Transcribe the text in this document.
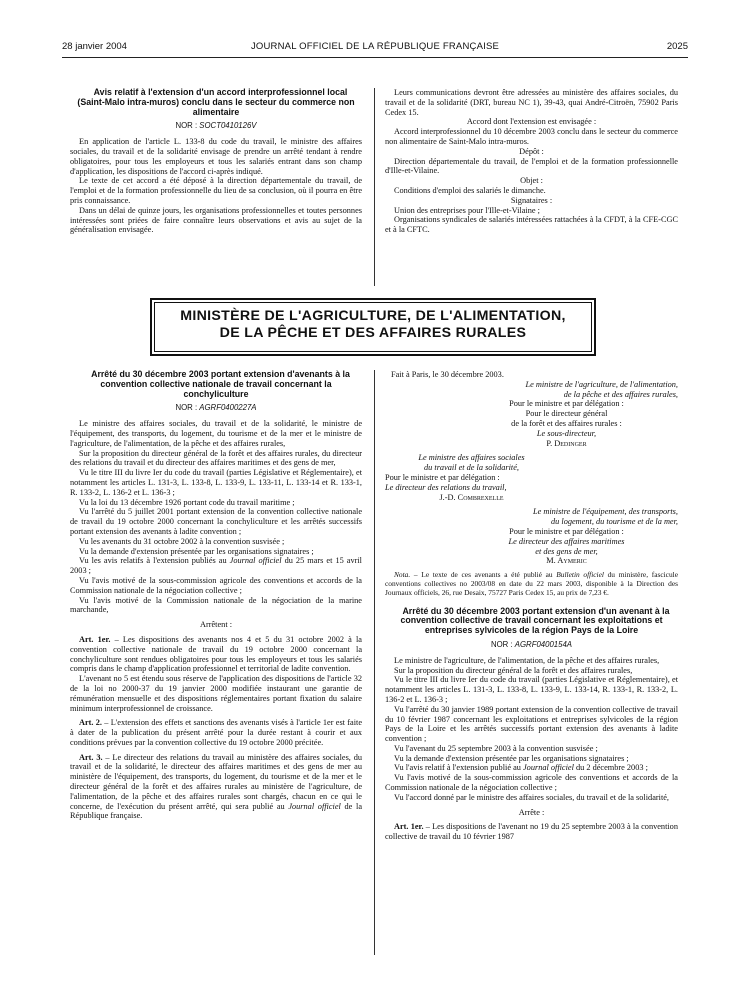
28 janvier 2004	JOURNAL OFFICIEL DE LA RÉPUBLIQUE FRANÇAISE	2025

Avis relatif à l'extension d'un accord interprofessionnel local (Saint-Malo intra-muros) conclu dans le secteur du commerce non alimentaire

NOR : SOCT0410126V

En application de l'article L. 133-8 du code du travail, le ministre des affaires sociales, du travail et de la solidarité envisage de prendre un arrêté tendant à rendre obligatoires, pour tous les employeurs et tous les salariés entrant dans son champ d'application, les dispositions de l'accord ci-après indiqué.

Le texte de cet accord a été déposé à la direction départementale du travail, de l'emploi et de la formation professionnelle du lieu de sa conclusion, où il pourra en être pris connaissance.

Dans un délai de quinze jours, les organisations professionnelles et toutes personnes intéressées sont priées de faire connaître leurs observations et avis au sujet de la généralisation envisagée.

Leurs communications devront être adressées au ministère des affaires sociales, du travail et de la solidarité (DRT, bureau NC 1), 39-43, quai André-Citroën, 75902 Paris Cedex 15.

Accord dont l'extension est envisagée :

Accord interprofessionnel du 10 décembre 2003 conclu dans le secteur du commerce non alimentaire de Saint-Malo intra-muros.

Dépôt :

Direction départementale du travail, de l'emploi et de la formation professionnelle d'Ille-et-Vilaine.

Objet :

Conditions d'emploi des salariés le dimanche.

Signataires :

Union des entreprises pour l'Ille-et-Vilaine ;

Organisations syndicales de salariés intéressées rattachées à la CFDT, à la CFE-CGC et à la CFTC.

MINISTÈRE DE L'AGRICULTURE, DE L'ALIMENTATION,
DE LA PÊCHE ET DES AFFAIRES RURALES

Arrêté du 30 décembre 2003 portant extension d'avenants à la convention collective nationale de travail concernant la conchyliculture

NOR : AGRF0400227A

Le ministre des affaires sociales, du travail et de la solidarité, le ministre de l'équipement, des transports, du logement, du tourisme et de la mer et le ministre de l'agriculture, de l'alimentation, de la pêche et des affaires rurales,

Sur la proposition du directeur général de la forêt et des affaires rurales, du directeur des relations du travail et du directeur des affaires maritimes et des gens de mer,

Vu le titre III du livre Ier du code du travail (parties Législative et Réglementaire), et notamment les articles L. 131-3, L. 133-8, L. 133-9, L. 133-11, L. 133-14 et R. 133-1, R. 133-2, L. 136-2 et L. 136-3 ;

Vu la loi du 13 décembre 1926 portant code du travail maritime ;

Vu l'arrêté du 5 juillet 2001 portant extension de la convention collective nationale de travail du 19 octobre 2000 concernant la conchyliculture et les arrêtés successifs portant extension des avenants à ladite convention ;

Vu les avenants du 31 octobre 2002 à la convention susvisée ;

Vu la demande d'extension présentée par les organisations signataires ;

Vu les avis relatifs à l'extension publiés au Journal officiel du 25 mars et 15 avril 2003 ;

Vu l'avis motivé de la sous-commission agricole des conventions et accords de la Commission nationale de la négociation collective ;

Vu l'avis motivé de la Commission nationale de la négociation de la marine marchande,

Arrêtent :

Art. 1er. – Les dispositions des avenants nos 4 et 5 du 31 octobre 2002 à la convention collective nationale de travail du 19 octobre 2000 concernant la conchyliculture sont rendues obligatoires pour tous les employeurs et tous les salariés compris dans le champ d'application professionnel et territorial de ladite convention.

L'avenant no 5 est étendu sous réserve de l'application des dispositions de l'article 32 de la loi no 2000-37 du 19 janvier 2000 modifiée instaurant une garantie de rémunération mensuelle et des dispositions réglementaires portant fixation du salaire minimum interprofessionnel de croissance.

Art. 2. – L'extension des effets et sanctions des avenants visés à l'article 1er est faite à dater de la publication du présent arrêté pour la durée restant à courir et aux conditions prévues par la convention collective du 19 octobre 2000 précitée.

Art. 3. – Le directeur des relations du travail au ministère des affaires sociales, du travail et de la solidarité, le directeur des affaires maritimes et des gens de mer au ministère de l'équipement, des transports, du logement, du tourisme et de la mer et le directeur général de la forêt et des affaires rurales au ministère de l'agriculture, de l'alimentation, de la pêche et des affaires rurales sont chargés, chacun en ce qui le concerne, de l'exécution du présent arrêté, qui sera publié au Journal officiel de la République française.

Fait à Paris, le 30 décembre 2003.

Le ministre de l'agriculture, de l'alimentation,

de la pêche et des affaires rurales,

Pour le ministre et par délégation :

Pour le directeur général

de la forêt et des affaires rurales :

Le sous-directeur,

P. Dedinger

Le ministre des affaires sociales

du travail et de la solidarité,

Pour le ministre et par délégation :

Le directeur des relations du travail,

J.-D. Combrexelle

Le ministre de l'équipement, des transports,

du logement, du tourisme et de la mer,

Pour le ministre et par délégation :

Le directeur des affaires maritimes

et des gens de mer,

M. Aymeric

Nota. – Le texte de ces avenants a été publié au Bulletin officiel du ministère, fascicule conventions collectives no 2003/08 en date du 22 mars 2003, disponible à la Direction des Journaux officiels, 26, rue Desaix, 75727 Paris Cedex 15, au prix de 7,23 €.

Arrêté du 30 décembre 2003 portant extension d'un avenant à la convention collective de travail concernant les exploitations et entreprises sylvicoles de la région Pays de la Loire

NOR : AGRF0400154A

Le ministre de l'agriculture, de l'alimentation, de la pêche et des affaires rurales,

Sur la proposition du directeur général de la forêt et des affaires rurales,

Vu le titre III du livre Ier du code du travail (parties Législative et Réglementaire), et notamment les articles L. 131-3, L. 133-8, L. 133-9, L. 133-14, R. 133-1, R. 133-2, L. 136-2 et L. 136-3 ;

Vu l'arrêté du 30 janvier 1989 portant extension de la convention collective de travail du 10 février 1987 concernant les exploitations et entreprises sylvicoles de la région Pays de la Loire et les arrêtés successifs portant extension des avenants à ladite convention ;

Vu l'avenant du 25 septembre 2003 à la convention susvisée ;

Vu la demande d'extension présentée par les organisations signataires ;

Vu l'avis relatif à l'extension publié au Journal officiel du 2 décembre 2003 ;

Vu l'avis motivé de la sous-commission agricole des conventions et accords de la Commission nationale de la négociation collective ;

Vu l'accord donné par le ministre des affaires sociales, du travail et de la solidarité,

Arrête :

Art. 1er. – Les dispositions de l'avenant no 19 du 25 septembre 2003 à la convention collective de travail du 10 février 1987
